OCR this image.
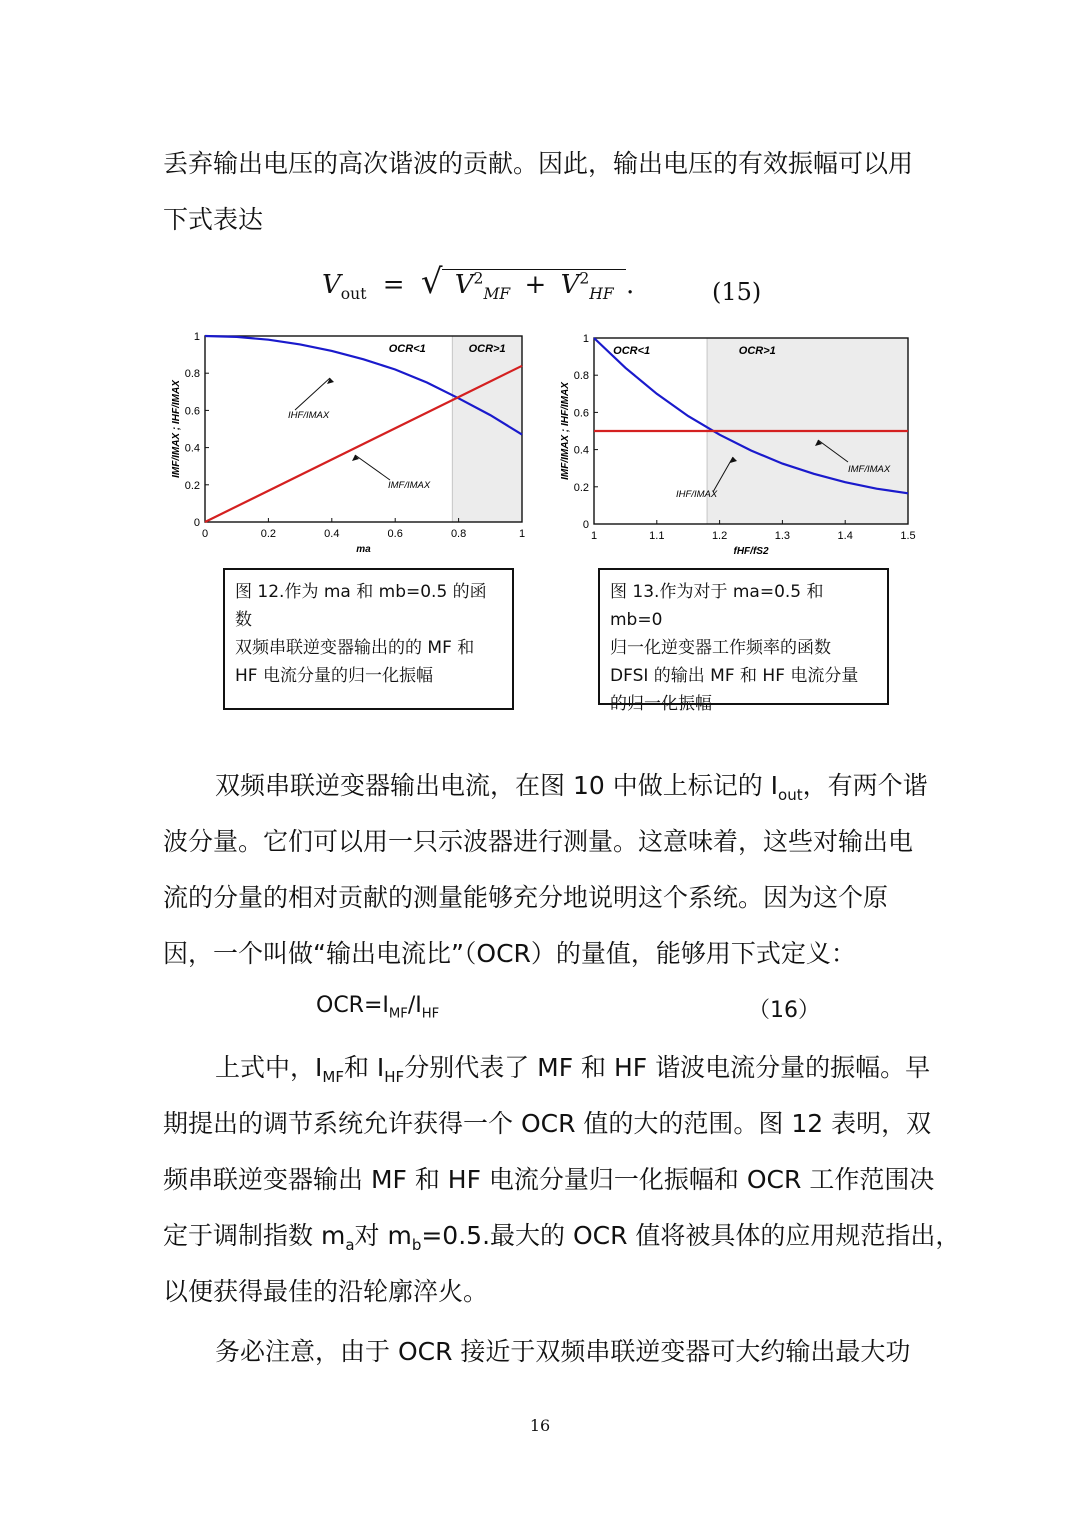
丢弃输出电压的高次谐波的贡献。因此，输出电压的有效振幅可以用
下式表达
$V_{out}$ = √ $V^2_{MF} + V^2_{HF}$ .	(15)
0	0.2	0.4	0.6	0.8	1
0
0.2
0.4
0.6
0.8
1
OCR<1	OCR>1
IHF/IMAX
IMF/IMAX
ma
IMF/IMAX ; IHF/IMAX
1	1.1	1.2	1.3	1.4	1.5
0
0.2
0.4
0.6
0.8
1
OCR<1	OCR>1
IHF/IMAX
IMF/IMAX
fHF/fS2
IMF/IMAX ; IHF/IMAX
图 12.作为 ma 和 mb=0.5 的函数
双频串联逆变器输出的的 MF 和
HF 电流分量的归一化振幅
图 13.作为对于 ma=0.5 和 mb=0
归一化逆变器工作频率的函数
DFSI 的输出 MF 和 HF 电流分量
的归一化振幅
双频串联逆变器输出电流，在图 10 中做上标记的 $I_{out}$，有两个谐
波分量。它们可以用一只示波器进行测量。这意味着，这些对输出电
流的分量的相对贡献的测量能够充分地说明这个系统。因为这个原
因，一个叫做“输出电流比”（OCR）的量值，能够用下式定义：
$OCR=I_{MF}/I_{HF}$	（16）
上式中，$I_{MF}$和 $I_{HF}$分别代表了 MF 和 HF 谐波电流分量的振幅。早
期提出的调节系统允许获得一个 OCR 值的大的范围。图 12 表明，双
频串联逆变器输出 MF 和 HF 电流分量归一化振幅和 OCR 工作范围决
定于调制指数 $m_a$对 $m_b=0.5$.最大的 OCR 值将被具体的应用规范指出，
以便获得最佳的沿轮廓淬火。
务必注意，由于 OCR 接近于双频串联逆变器可大约输出最大功
16
